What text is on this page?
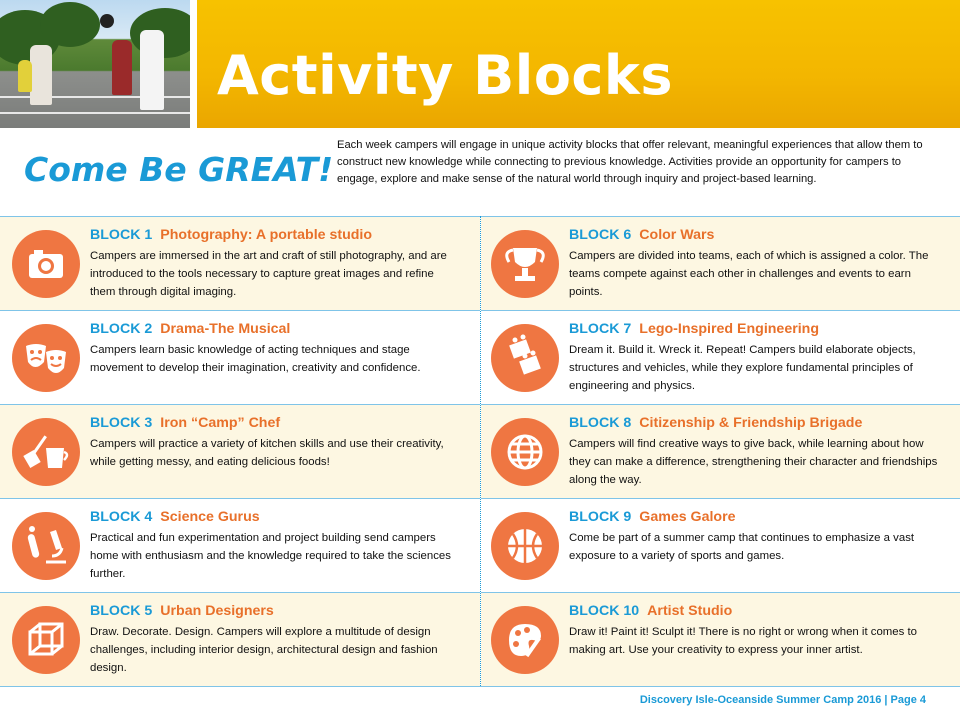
Activity Blocks
Come Be GREAT!
Each week campers will engage in unique activity blocks that offer relevant, meaningful experiences that allow them to construct new knowledge while connecting to previous knowledge. Activities provide an opportunity for campers to engage, explore and make sense of the natural world through inquiry and project-based learning.
BLOCK 1 Photography: A portable studio
Campers are immersed in the art and craft of still photography, and are introduced to the tools necessary to capture great images and refine them through digital imaging.
BLOCK 2 Drama-The Musical
Campers learn basic knowledge of acting techniques and stage movement to develop their imagination, creativity and confidence.
BLOCK 3 Iron “Camp” Chef
Campers will practice a variety of kitchen skills and use their creativity, while getting messy, and eating delicious foods!
BLOCK 4 Science Gurus
Practical and fun experimentation and project building send campers home with enthusiasm and the knowledge required to take the sciences further.
BLOCK 5 Urban Designers
Draw. Decorate. Design. Campers will explore a multitude of design challenges, including interior design, architectural design and fashion design.
BLOCK 6 Color Wars
Campers are divided into teams, each of which is assigned a color. The teams compete against each other in challenges and events to earn points.
BLOCK 7 Lego-Inspired Engineering
Dream it. Build it. Wreck it. Repeat! Campers build elaborate objects, structures and vehicles, while they explore fundamental principles of engineering and physics.
BLOCK 8 Citizenship & Friendship Brigade
Campers will find creative ways to give back, while learning about how they can make a difference, strengthening their character and friendships along the way.
BLOCK 9 Games Galore
Come be part of a summer camp that continues to emphasize a vast exposure to a variety of sports and games.
BLOCK 10 Artist Studio
Draw it! Paint it! Sculpt it! There is no right or wrong when it comes to making art. Use your creativity to express your inner artist.
Discovery Isle-Oceanside Summer Camp 2016 | Page 4
